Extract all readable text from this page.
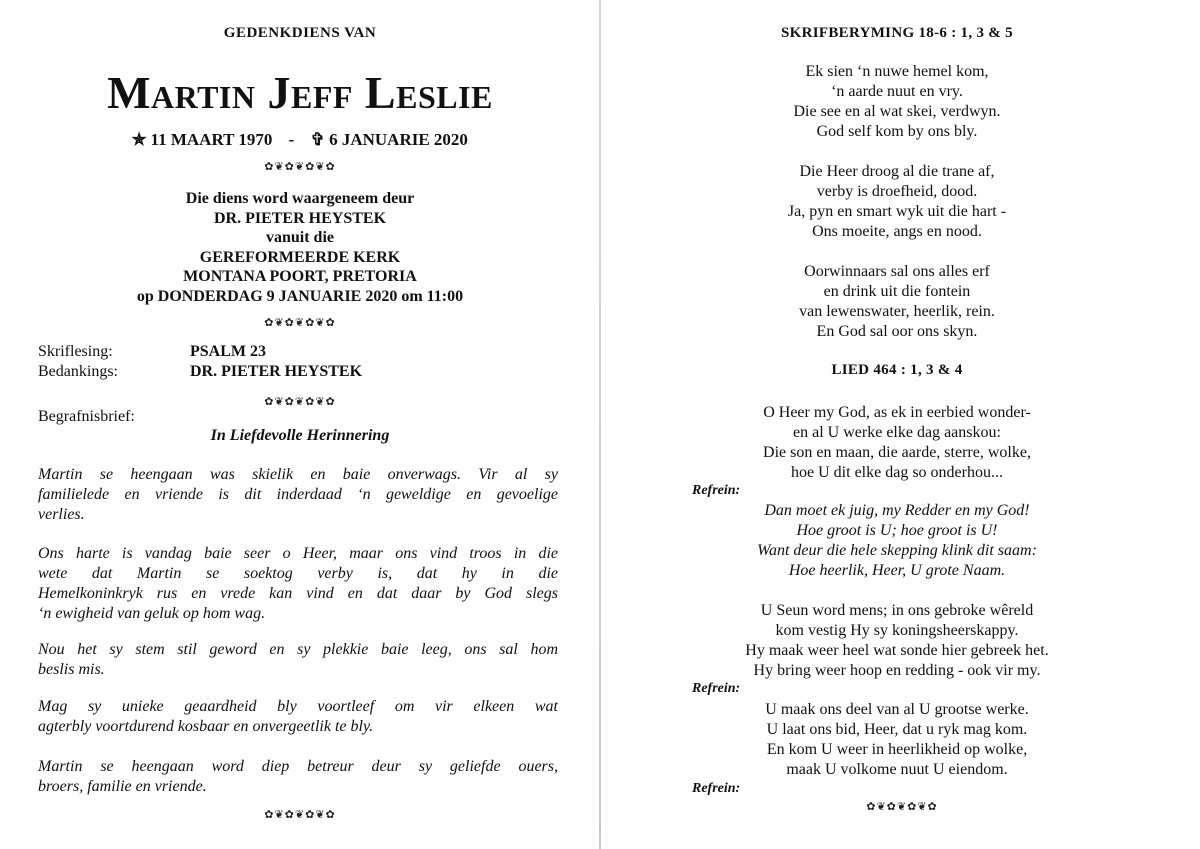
GEDENKDIENS VAN
Martin Jeff Leslie
✯ 11 MAART 1970 - ✞ 6 JANUARIE 2020
✿❦✿❦✿❦✿
Die diens word waargeneem deur
DR. PIETER HEYSTEK
vanuit die
GEREFORMEERDE KERK
MONTANA POORT, PRETORIA
op DONDERDAG 9 JANUARIE 2020 om 11:00
✿❦✿❦✿❦✿
Skriflesing:	PSALM 23
Bedankings:	DR. PIETER HEYSTEK
✿❦✿❦✿❦✿
Begrafnisbrief:
In Liefdevolle Herinnering
Martin se heengaan was skielik en baie onverwags. Vir al sy
familielede en vriende is dit inderdaad ‘n geweldige en gevoelige
verlies.
Ons harte is vandag baie seer o Heer, maar ons vind troos in die
wete dat Martin se soektog verby is, dat hy in die
Hemelkoninkryk rus en vrede kan vind en dat daar by God slegs
‘n ewigheid van geluk op hom wag.
Nou het sy stem stil geword en sy plekkie baie leeg, ons sal hom
beslis mis.
Mag sy unieke geaardheid bly voortleef om vir elkeen wat
agterbly voortdurend kosbaar en onvergeetlik te bly.
Martin se heengaan word diep betreur deur sy geliefde ouers,
broers, familie en vriende.
✿❦✿❦✿❦✿
SKRIFBERYMING 18-6 : 1, 3 & 5
Ek sien ‘n nuwe hemel kom,
‘n aarde nuut en vry.
Die see en al wat skei, verdwyn.
God self kom by ons bly.
Die Heer droog al die trane af,
verby is droefheid, dood.
Ja, pyn en smart wyk uit die hart -
Ons moeite, angs en nood.
Oorwinnaars sal ons alles erf
en drink uit die fontein
van lewenswater, heerlik, rein.
En God sal oor ons skyn.
LIED 464 : 1, 3 & 4
O Heer my God, as ek in eerbied wonder-
en al U werke elke dag aanskou:
Die son en maan, die aarde, sterre, wolke,
hoe U dit elke dag so onderhou...
Refrein:
Dan moet ek juig, my Redder en my God!
Hoe groot is U; hoe groot is U!
Want deur die hele skepping klink dit saam:
Hoe heerlik, Heer, U grote Naam.
U Seun word mens; in ons gebroke wêreld
kom vestig Hy sy koningsheerskappy.
Hy maak weer heel wat sonde hier gebreek het.
Hy bring weer hoop en redding - ook vir my.
Refrein:
U maak ons deel van al U grootse werke.
U laat ons bid, Heer, dat u ryk mag kom.
En kom U weer in heerlikheid op wolke,
maak U volkome nuut U eiendom.
Refrein:
✿❦✿❦✿❦✿
